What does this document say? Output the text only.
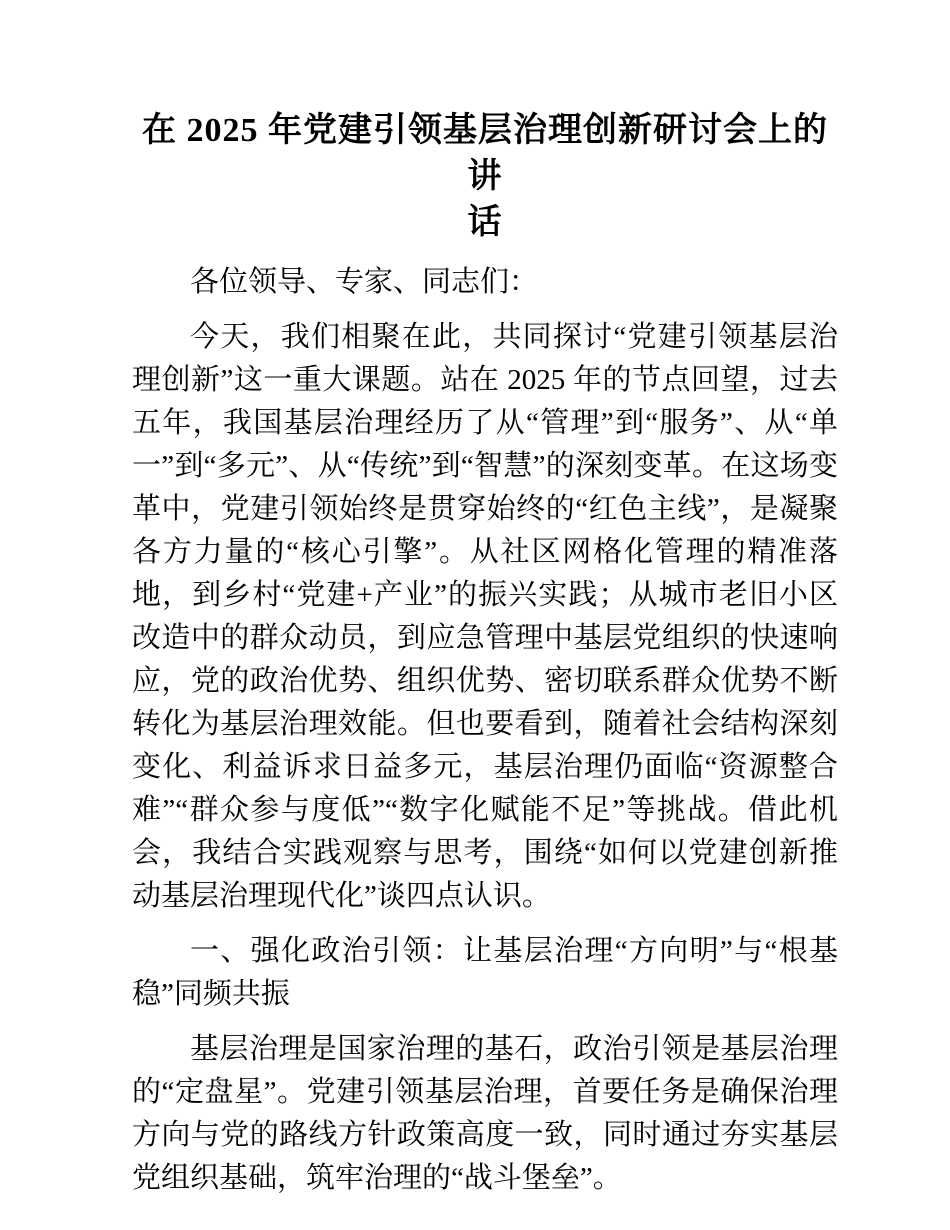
在 2025 年党建引领基层治理创新研讨会上的讲
话

各位领导、专家、同志们：

今天，我们相聚在此，共同探讨“党建引领基层治理创新”这一重大课题。站在 2025 年的节点回望，过去五年，我国基层治理经历了从“管理”到“服务”、从“单一”到“多元”、从“传统”到“智慧”的深刻变革。在这场变革中，党建引领始终是贯穿始终的“红色主线”，是凝聚各方力量的“核心引擎”。从社区网格化管理的精准落地，到乡村“党建+产业”的振兴实践；从城市老旧小区改造中的群众动员，到应急管理中基层党组织的快速响应，党的政治优势、组织优势、密切联系群众优势不断转化为基层治理效能。但也要看到，随着社会结构深刻变化、利益诉求日益多元，基层治理仍面临“资源整合难”“群众参与度低”“数字化赋能不足”等挑战。借此机会，我结合实践观察与思考，围绕“如何以党建创新推动基层治理现代化”谈四点认识。

一、强化政治引领：让基层治理“方向明”与“根基稳”同频共振

基层治理是国家治理的基石，政治引领是基层治理的“定盘星”。党建引领基层治理，首要任务是确保治理方向与党的路线方针政策高度一致，同时通过夯实基层党组织基础，筑牢治理的“战斗堡垒”。
